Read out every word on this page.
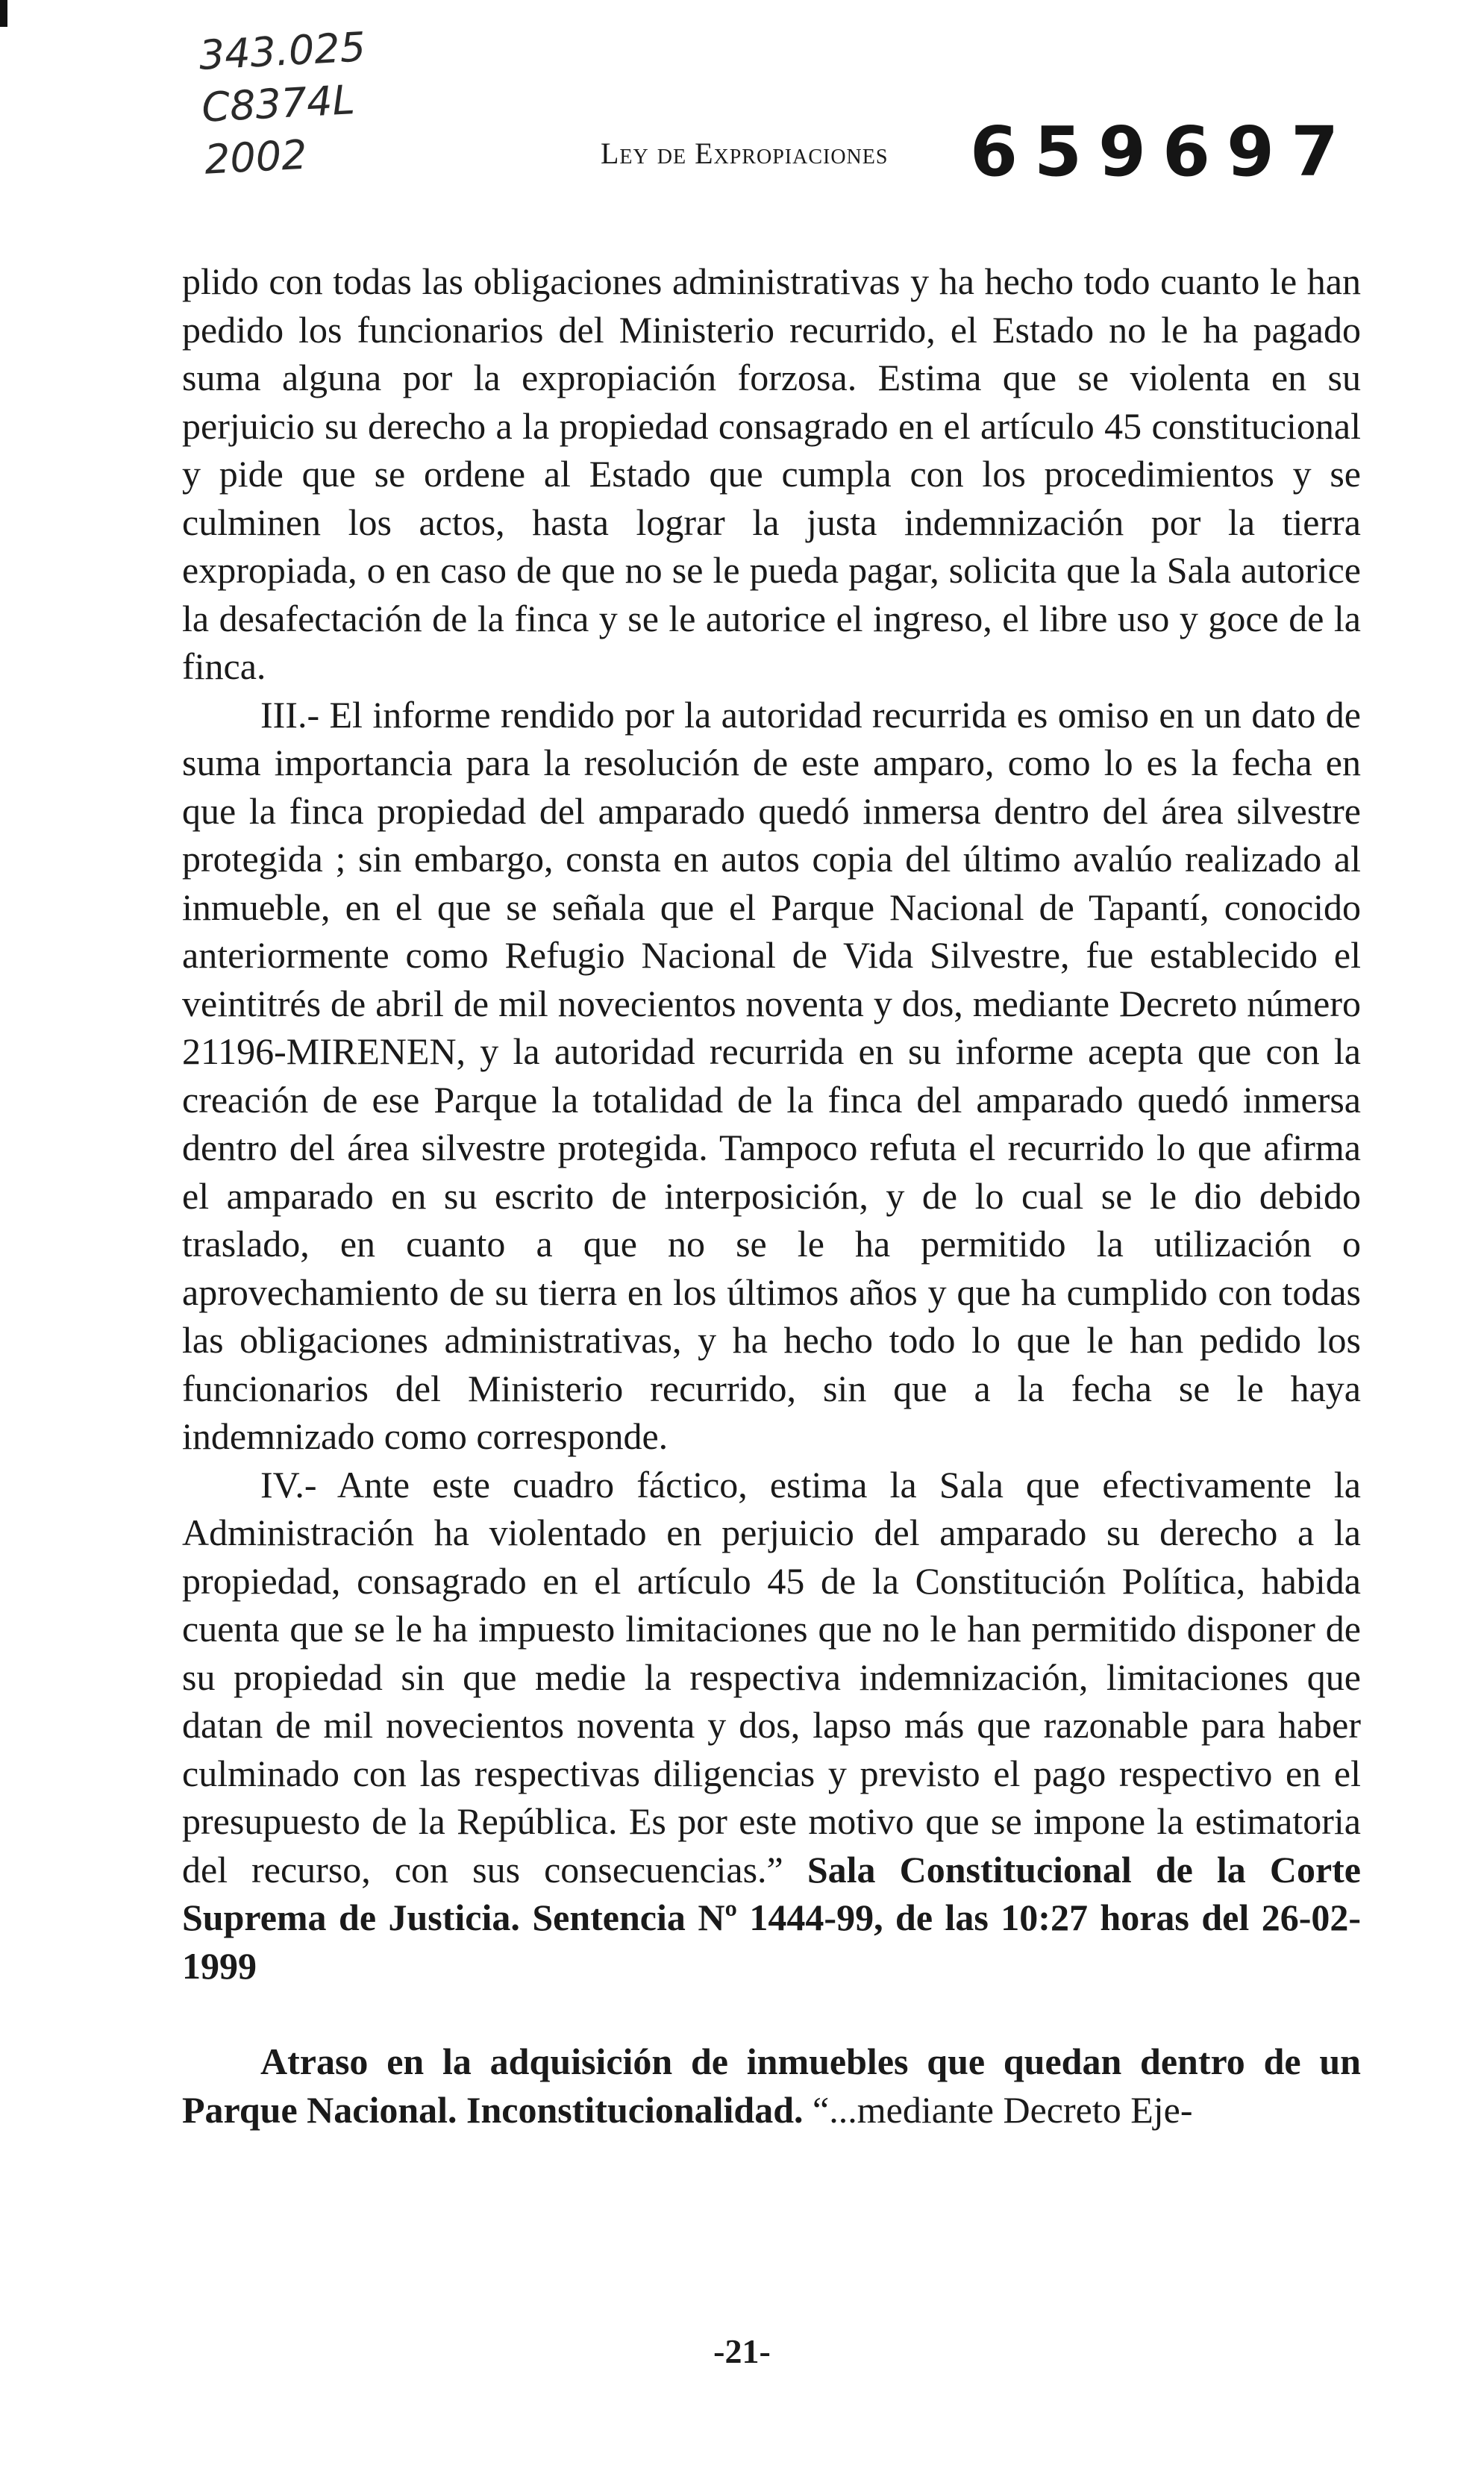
343.025
C8374L
2002	Ley de Expropiaciones 659697

plido con todas las obligaciones administrativas y ha hecho todo cuanto le han pedido los funcionarios del Ministerio recurrido, el Estado no le ha pagado suma alguna por la expropiación forzosa. Estima que se violenta en su perjuicio su derecho a la propiedad consagrado en el artículo 45 constitucional y pide que se ordene al Estado que cumpla con los procedimientos y se culminen los actos, hasta lograr la justa indemnización por la tierra expropiada, o en caso de que no se le pueda pagar, solicita que la Sala autorice la desafectación de la finca y se le autorice el ingreso, el libre uso y goce de la finca.

III.- El informe rendido por la autoridad recurrida es omiso en un dato de suma importancia para la resolución de este amparo, como lo es la fecha en que la finca propiedad del amparado quedó inmersa dentro del área silvestre protegida ; sin embargo, consta en autos copia del último avalúo realizado al inmueble, en el que se señala que el Parque Nacional de Tapantí, conocido anteriormente como Refugio Nacional de Vida Silvestre, fue establecido el veintitrés de abril de mil novecientos noventa y dos, mediante Decreto número 21196-MIRENEN, y la autoridad recurrida en su informe acepta que con la creación de ese Parque la totalidad de la finca del amparado quedó inmersa dentro del área silvestre protegida. Tampoco refuta el recurrido lo que afirma el amparado en su escrito de interposición, y de lo cual se le dio debido traslado, en cuanto a que no se le ha permitido la utilización o aprovechamiento de su tierra en los últimos años y que ha cumplido con todas las obligaciones administrativas, y ha hecho todo lo que le han pedido los funcionarios del Ministerio recurrido, sin que a la fecha se le haya indemnizado como corresponde.

IV.- Ante este cuadro fáctico, estima la Sala que efectivamente la Administración ha violentado en perjuicio del amparado su derecho a la propiedad, consagrado en el artículo 45 de la Constitución Política, habida cuenta que se le ha impuesto limitaciones que no le han permitido disponer de su propiedad sin que medie la respectiva indemnización, limitaciones que datan de mil novecientos noventa y dos, lapso más que razonable para haber culminado con las respectivas diligencias y previsto el pago respectivo en el presupuesto de la República. Es por este motivo que se impone la estimatoria del recurso, con sus consecuencias.” Sala Constitucional de la Corte Suprema de Justicia. Sentencia Nº 1444-99, de las 10:27 horas del 26-02-1999

Atraso en la adquisición de inmuebles que quedan dentro de un Parque Nacional. Inconstitucionalidad. “...mediante Decreto Eje-

-21-
